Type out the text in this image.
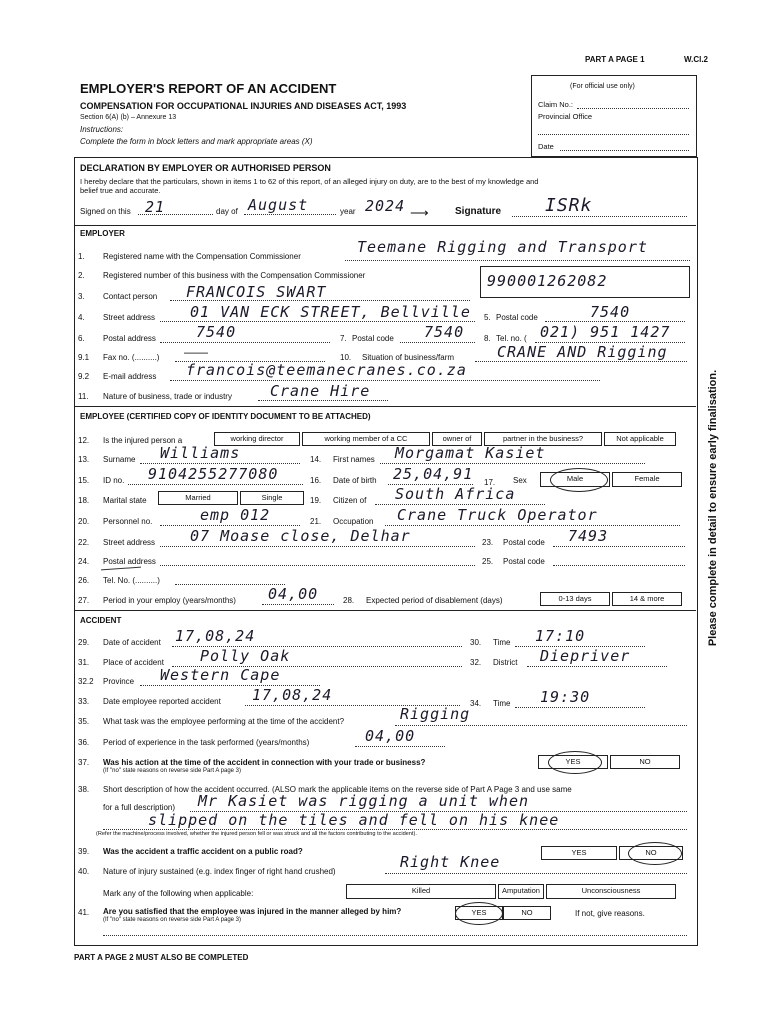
PART A PAGE 1	W.Cl.2
EMPLOYER'S REPORT OF AN ACCIDENT
COMPENSATION FOR OCCUPATIONAL INJURIES AND DISEASES ACT, 1993
Section 6(A) (b) – Annexure 13
Instructions:
Complete the form in block letters and mark appropriate areas (X)
(For official use only)
Claim No.:
Provincial Office
Date
DECLARATION BY EMPLOYER OR AUTHORISED PERSON
I hereby declare that the particulars, shown in items 1 to 62 of this report, of an alleged injury on duty, are to the best of my knowledge and
belief true and accurate.
Signed on this 21	day of August	year 2024 ⟶	Signature ISRk
EMPLOYER
1. Registered name with the Compensation Commissioner
Teemane Rigging and Transport
2. Registered number of this business with the Compensation Commissioner	990001262082
3. Contact person FRANCOIS SWART
4. Street address 01 VAN ECK STREET, Bellville 5. Postal code	7540
6. Postal address	7540	7. Postal code 7540 8. Tel. no. ( 021) 951 1427
9.1 Fax no. (..........) ——	10. Situation of business/farm	CRANE AND Rigging
9.2 E-mail address francois@teemanecranes.co.za
11. Nature of business, trade or industry	Crane Hire
EMPLOYEE (CERTIFIED COPY OF IDENTITY DOCUMENT TO BE ATTACHED)
12. Is the injured person a	working director	working member of a CC	owner of	partner in the business?	Not applicable
13. Surname Williams	14. First names Morgamat Kasiet
15. ID no. 9104255277080	16. Date of birth 25,04,91 17. Sex	Male	Female
18. Marital state	Married	Single	19. Citizen of South Africa
20. Personnel no.	emp 012	21. Occupation Crane Truck Operator
22. Street address 07 Moase close, Delhar	23. Postal code 7493
24. Postal address	25. Postal code
26. Tel. No. (..........)
27. Period in your employ (years/months) 04,00	28. Expected period of disablement (days)	0-13 days	14 & more
ACCIDENT
29. Date of accident 17,08,24	30. Time 17:10
31. Place of accident Polly Oak	32. District Diepriver
32.2 Province Western Cape
33. Date employee reported accident 17,08,24	34. Time 19:30
35. What task was the employee performing at the time of the accident?	Rigging
36. Period of experience in the task performed (years/months)	04,00
37. Was his action at the time of the accident in connection with your trade or business?
(If "no" state reasons on reverse side Part A page 3)
YES	NO
38. Short description of how the accident occurred. (ALSO mark the applicable items on the reverse side of Part A Page 3 and use same
for a full description) Mr Kasiet was rigging a unit when
slipped on the tiles and fell on his knee
(Refer the machine/process involved, whether the injured person fell or was struck and all the factors contributing to the accident).
39. Was the accident a traffic accident on a public road?	YES	NO
40. Nature of injury sustained (e.g. index finger of right hand crushed)
Right Knee
Mark any of the following when applicable:	Killed	Amputation	Unconsciousness
41. Are you satisfied that the employee was injured in the manner alleged by him?
(If "no" state reasons on reverse side Part A page 3)
YES	NO	If not, give reasons.
PART A PAGE 2 MUST ALSO BE COMPLETED
Please complete in detail to ensure early finalisation.
